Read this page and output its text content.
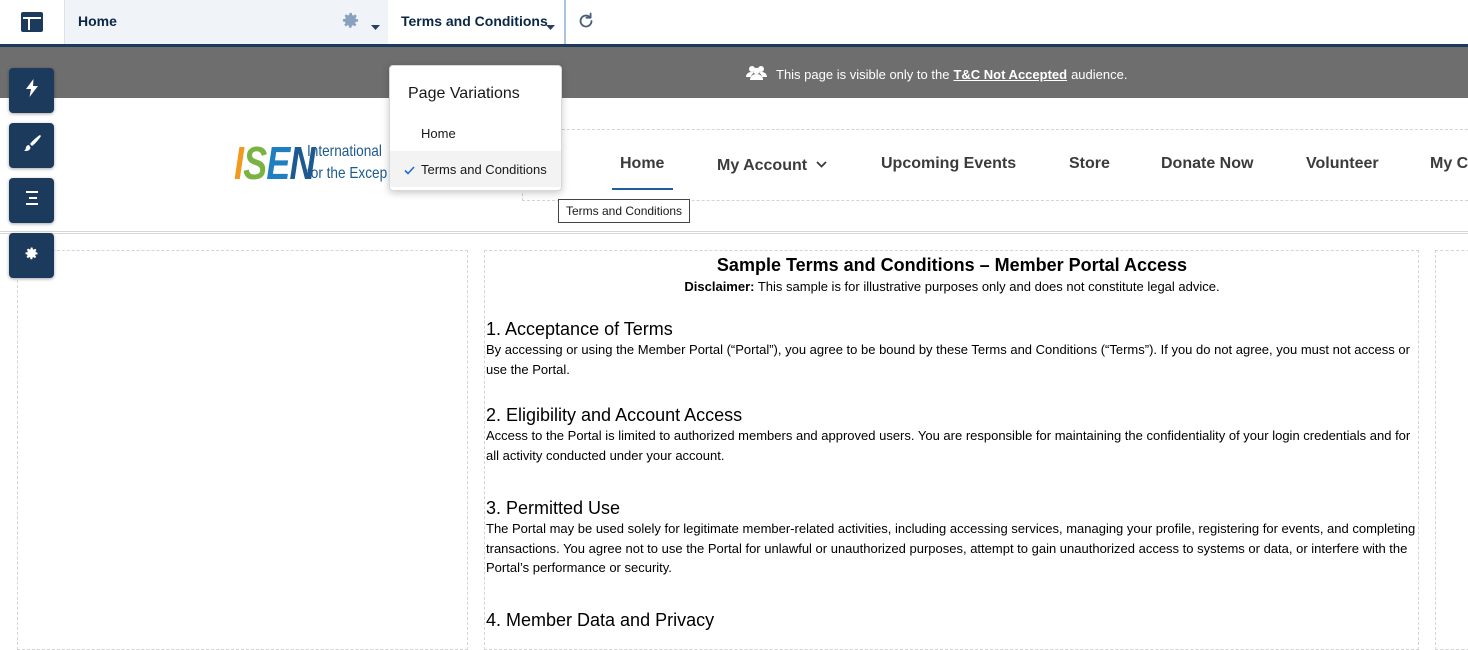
Home	Terms and Conditions
This page is visible only to the T&C Not Accepted audience.
ISEN
International
for the Excep
Home	My Account	Upcoming Events	Store	Donate Now	Volunteer	My C
Terms and Conditions
Sample Terms and Conditions – Member Portal Access
Disclaimer: This sample is for illustrative purposes only and does not constitute legal advice.
1. Acceptance of Terms

By accessing or using the Member Portal (“Portal”), you agree to be bound by these Terms and Conditions (“Terms”). If you do not agree, you must not access or use the Portal.

2. Eligibility and Account Access

Access to the Portal is limited to authorized members and approved users. You are responsible for maintaining the confidentiality of your login credentials and for all activity conducted under your account.

3. Permitted Use

The Portal may be used solely for legitimate member-related activities, including accessing services, managing your profile, registering for events, and completing transactions. You agree not to use the Portal for unlawful or unauthorized purposes, attempt to gain unauthorized access to systems or data, or interfere with the Portal’s performance or security.

4. Member Data and Privacy
Page Variations
Home
Terms and Conditions
